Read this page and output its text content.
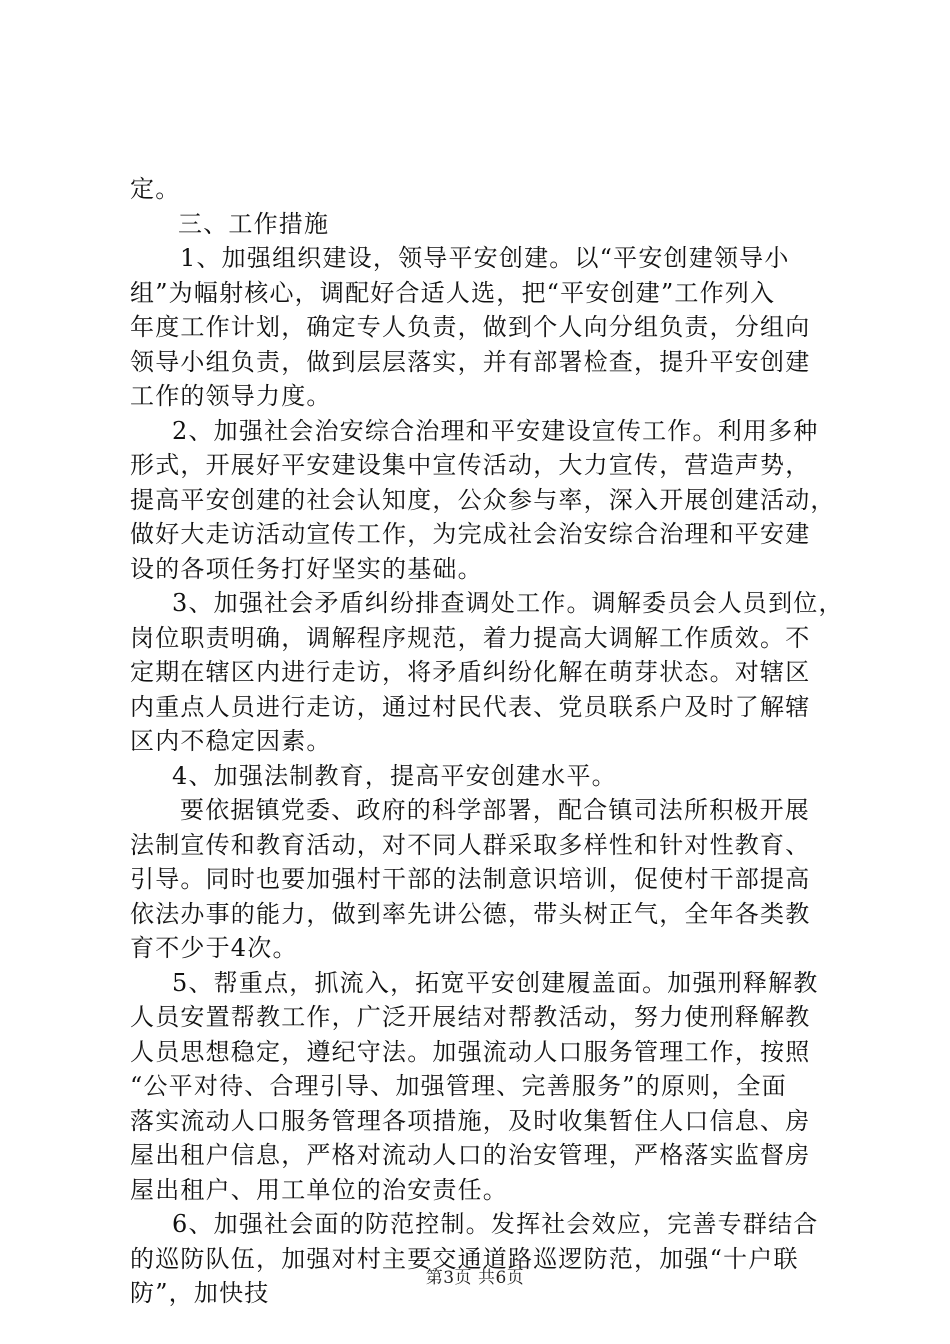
定。
三、工作措施
1、加强组织建设，领导平安创建。以“平安创建领导小
组”为幅射核心，调配好合适人选，把“平安创建”工作列入
年度工作计划，确定专人负责，做到个人向分组负责，分组向
领导小组负责，做到层层落实，并有部署检查，提升平安创建
工作的领导力度。
2、加强社会治安综合治理和平安建设宣传工作。利用多种
形式，开展好平安建设集中宣传活动，大力宣传，营造声势，
提高平安创建的社会认知度，公众参与率，深入开展创建活动，
做好大走访活动宣传工作，为完成社会治安综合治理和平安建
设的各项任务打好坚实的基础。
3、加强社会矛盾纠纷排查调处工作。调解委员会人员到位，
岗位职责明确，调解程序规范，着力提高大调解工作质效。不
定期在辖区内进行走访，将矛盾纠纷化解在萌芽状态。对辖区
内重点人员进行走访，通过村民代表、党员联系户及时了解辖
区内不稳定因素。
4、加强法制教育，提高平安创建水平。
要依据镇党委、政府的科学部署，配合镇司法所积极开展
法制宣传和教育活动，对不同人群采取多样性和针对性教育、
引导。同时也要加强村干部的法制意识培训，促使村干部提高
依法办事的能力，做到率先讲公德，带头树正气，全年各类教
育不少于4次。
5、帮重点，抓流入，拓宽平安创建履盖面。加强刑释解教
人员安置帮教工作，广泛开展结对帮教活动，努力使刑释解教
人员思想稳定，遵纪守法。加强流动人口服务管理工作，按照
“公平对待、合理引导、加强管理、完善服务”的原则，全面
落实流动人口服务管理各项措施，及时收集暂住人口信息、房
屋出租户信息，严格对流动人口的治安管理，严格落实监督房
屋出租户、用工单位的治安责任。
6、加强社会面的防范控制。发挥社会效应，完善专群结合
的巡防队伍，加强对村主要交通道路巡逻防范，加强“十户联
防”，加快技
第3页 共6页
